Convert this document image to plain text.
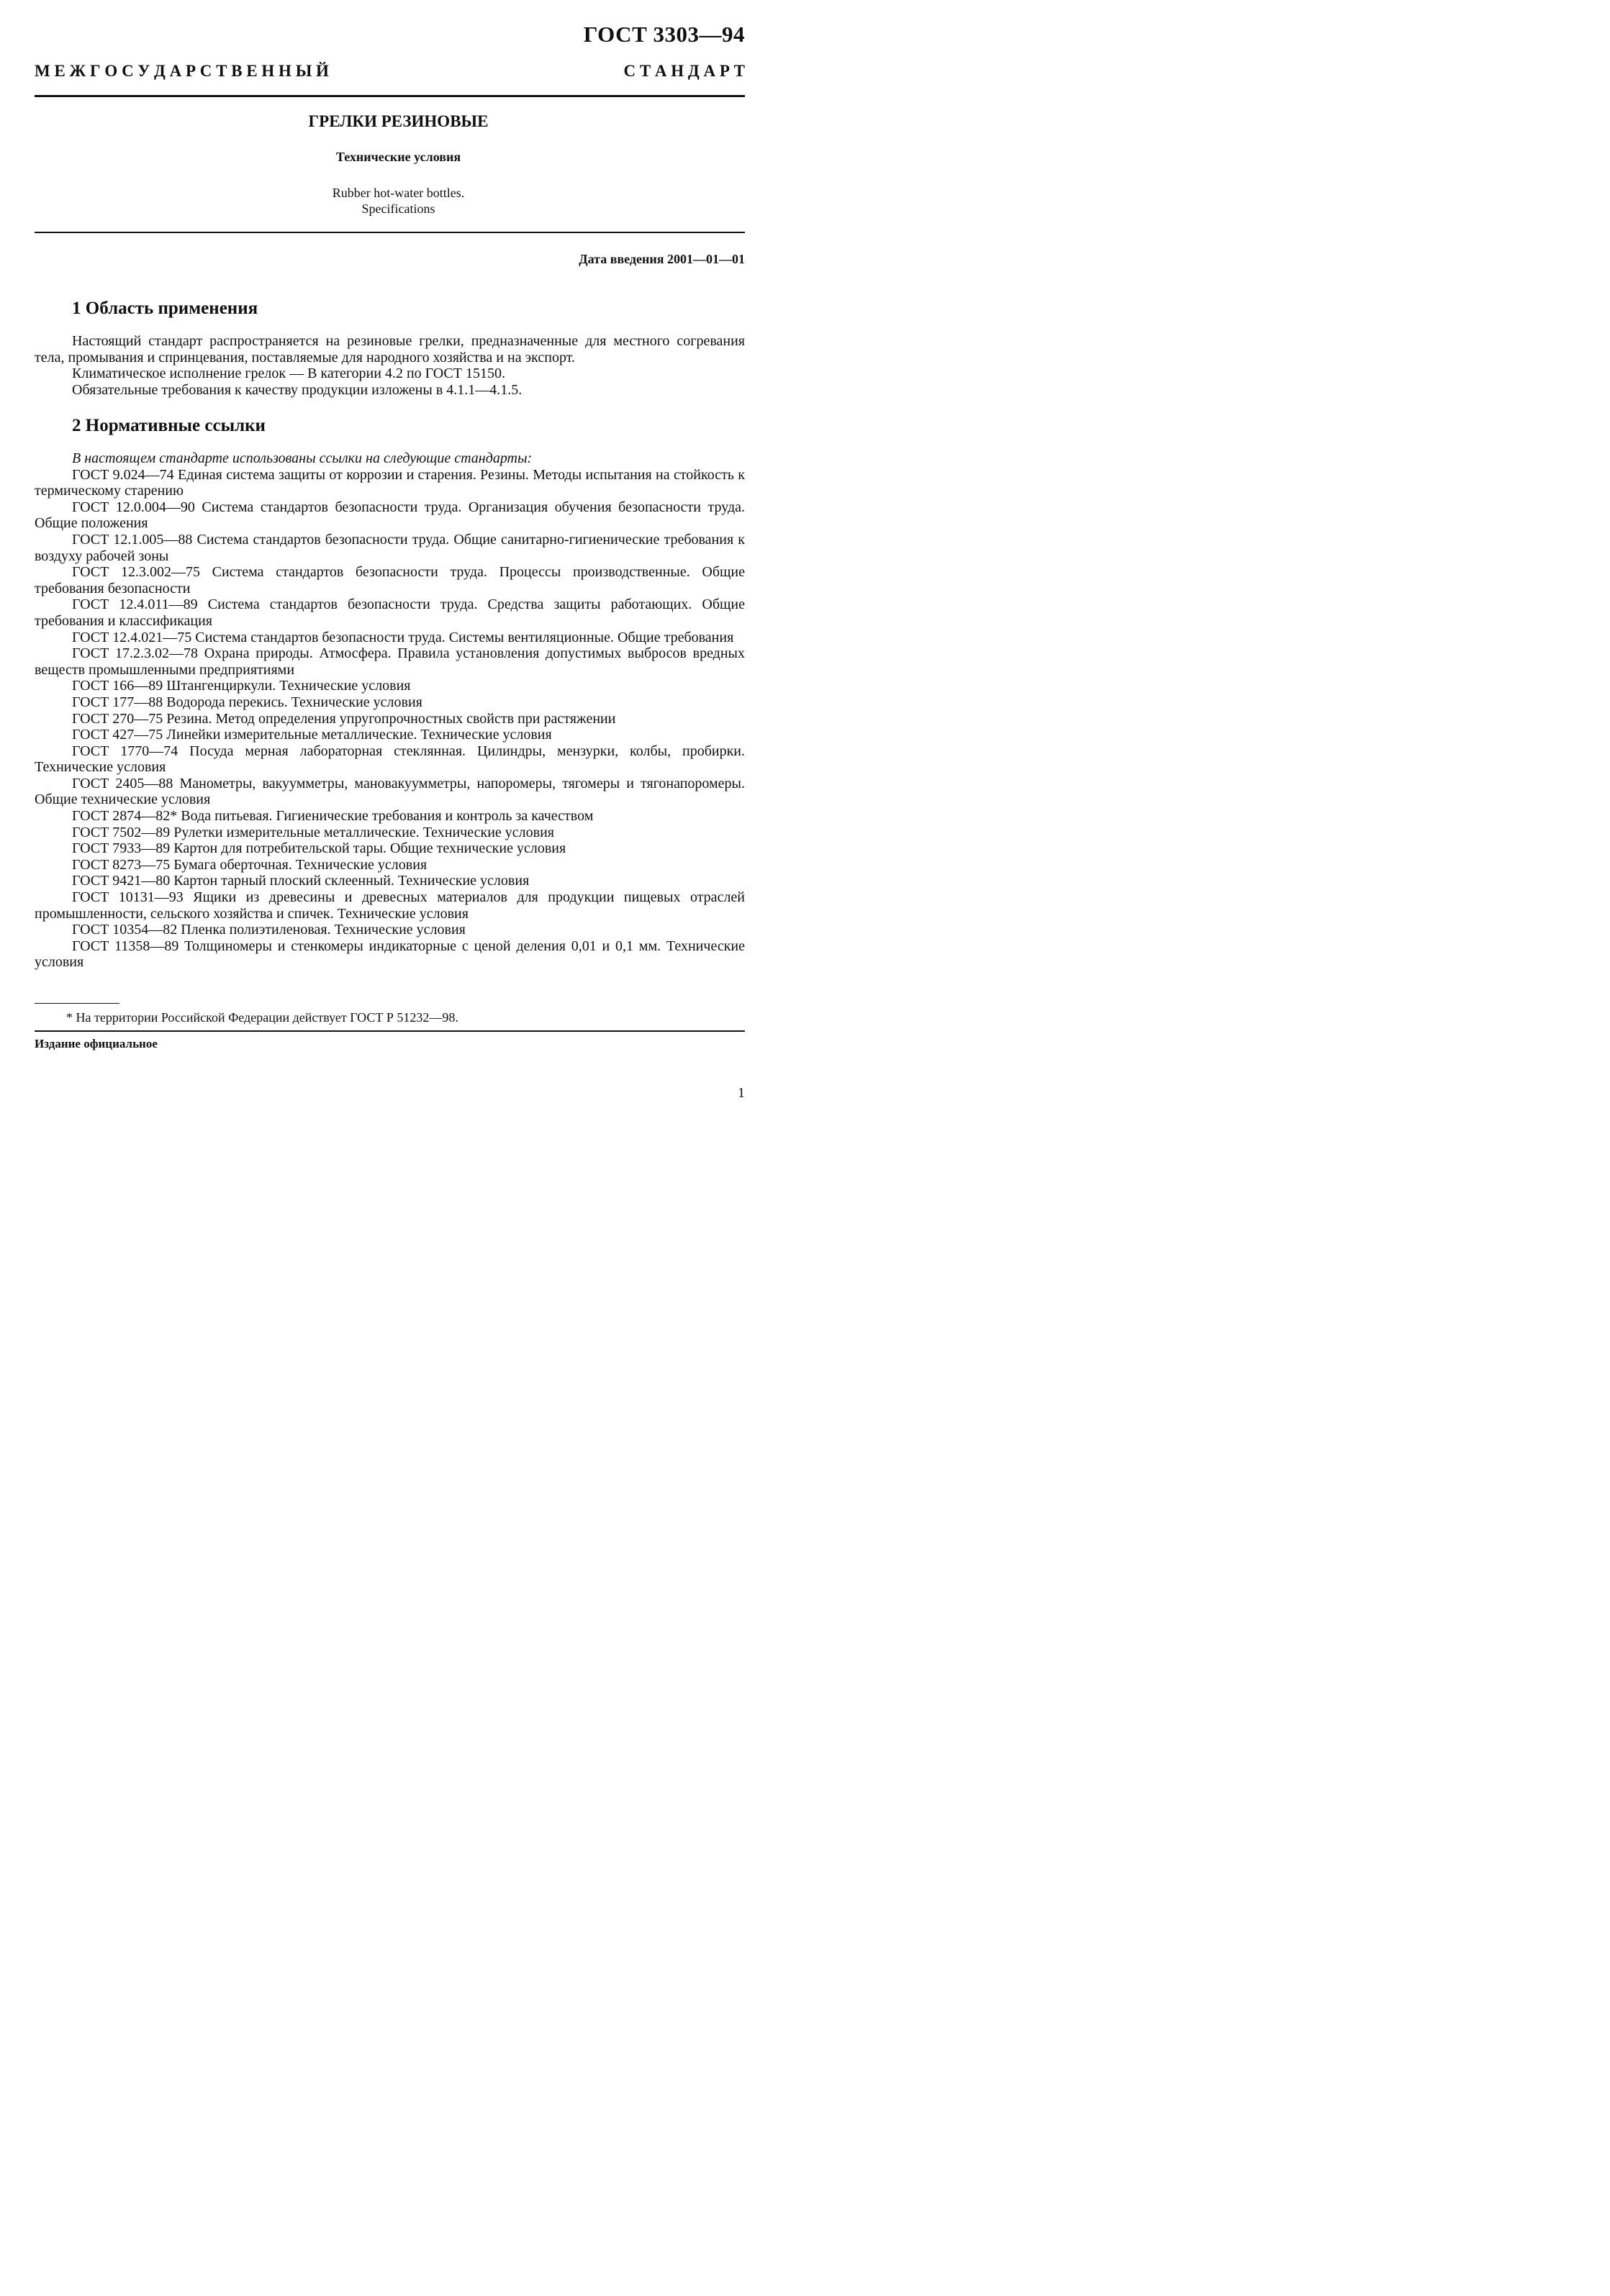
ГОСТ 3303—94
М Е Ж Г О С У Д А Р С Т В Е Н Н Ы Й	С Т А Н Д А Р Т
ГРЕЛКИ РЕЗИНОВЫЕ
Технические условия
Rubber hot-water bottles.
Specifications
Дата введения 2001—01—01
1 Область применения

Настоящий стандарт распространяется на резиновые грелки, предназначенные для местного согревания тела, промывания и спринцевания, поставляемые для народного хозяйства и на экспорт.

Климатическое исполнение грелок — В категории 4.2 по ГОСТ 15150.

Обязательные требования к качеству продукции изложены в 4.1.1—4.1.5.

2 Нормативные ссылки

В настоящем стандарте использованы ссылки на следующие стандарты:

ГОСТ 9.024—74 Единая система защиты от коррозии и старения. Резины. Методы испытания на стойкость к термическому старению

ГОСТ 12.0.004—90 Система стандартов безопасности труда. Организация обучения безопасности труда. Общие положения

ГОСТ 12.1.005—88 Система стандартов безопасности труда. Общие санитарно-гигиенические требования к воздуху рабочей зоны

ГОСТ 12.3.002—75 Система стандартов безопасности труда. Процессы производственные. Общие требования безопасности

ГОСТ 12.4.011—89 Система стандартов безопасности труда. Средства защиты работающих. Общие требования и классификация

ГОСТ 12.4.021—75 Система стандартов безопасности труда. Системы вентиляционные. Общие требования

ГОСТ 17.2.3.02—78 Охрана природы. Атмосфера. Правила установления допустимых выбросов вредных веществ промышленными предприятиями

ГОСТ 166—89 Штангенциркули. Технические условия

ГОСТ 177—88 Водорода перекись. Технические условия

ГОСТ 270—75 Резина. Метод определения упругопрочностных свойств при растяжении

ГОСТ 427—75 Линейки измерительные металлические. Технические условия

ГОСТ 1770—74 Посуда мерная лабораторная стеклянная. Цилиндры, мензурки, колбы, пробирки. Технические условия

ГОСТ 2405—88 Манометры, вакуумметры, мановакуумметры, напоромеры, тягомеры и тягонапоромеры. Общие технические условия

ГОСТ 2874—82* Вода питьевая. Гигиенические требования и контроль за качеством

ГОСТ 7502—89 Рулетки измерительные металлические. Технические условия

ГОСТ 7933—89 Картон для потребительской тары. Общие технические условия

ГОСТ 8273—75 Бумага оберточная. Технические условия

ГОСТ 9421—80 Картон тарный плоский склеенный. Технические условия

ГОСТ 10131—93 Ящики из древесины и древесных материалов для продукции пищевых отраслей промышленности, сельского хозяйства и спичек. Технические условия

ГОСТ 10354—82 Пленка полиэтиленовая. Технические условия

ГОСТ 11358—89 Толщиномеры и стенкомеры индикаторные с ценой деления 0,01 и 0,1 мм. Технические условия

* На территории Российской Федерации действует ГОСТ Р 51232—98.
Издание официальное
1
